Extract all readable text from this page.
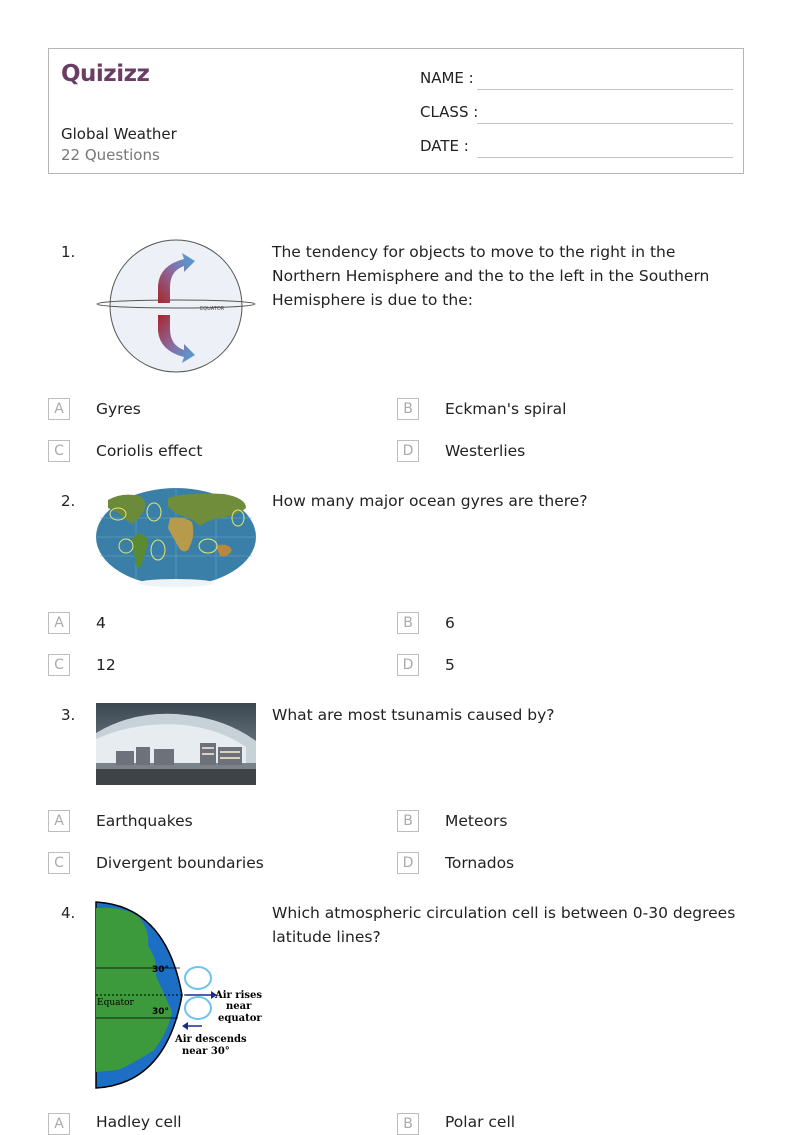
Quizizz
Global Weather
22 Questions
NAME :
CLASS :
DATE :
1.
EQUATOR
The tendency for objects to move to the right in the Northern Hemisphere and the to the left in the Southern Hemisphere is due to the:
A	Gyres	B	Eckman's spiral
C	Coriolis effect	D	Westerlies
2.	How many major ocean gyres are there?
A	4	B	6
C	12	D	5
3.	What are most tsunamis caused by?
A	Earthquakes	B	Meteors
C	Divergent boundaries	D	Tornados
4.
30°
Equator
30°
Air rises
near
equator
Air descends
near 30°
Which atmospheric circulation cell is between 0-30 degrees latitude lines?
A	Hadley cell	B	Polar cell
